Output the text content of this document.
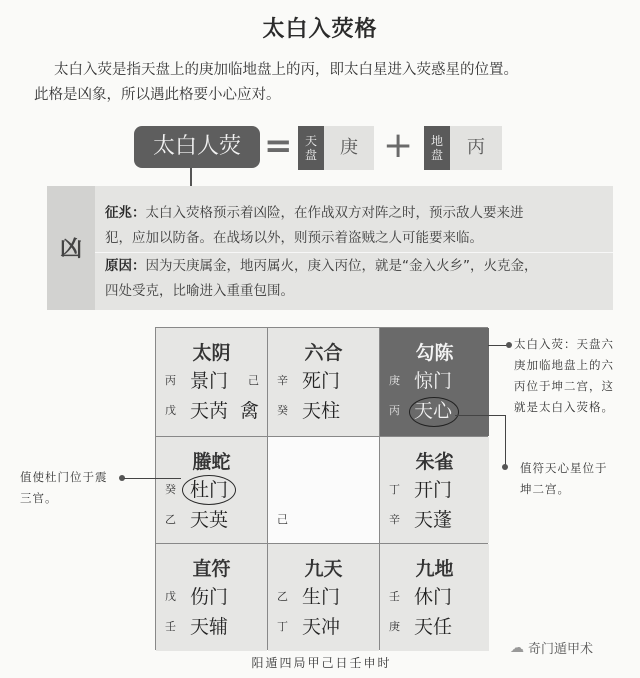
太白入荧格
太白入荧是指天盘上的庚加临地盘上的丙，即太白星进入荧惑星的位置。
此格是凶象，所以遇此格要小心应对。
太白人荧 =	天
盘	庚 +	地
盘	丙
凶
征兆：太白入荧格预示着凶险，在作战双方对阵之时，预示敌人要来进
犯，应加以防备。在战场以外，则预示着盗贼之人可能要来临。
原因：因为天庚属金，地丙属火，庚入丙位，就是“金入火乡”，火克金，
四处受克，比喻进入重重包围。
太阴
丙 景门 己
戊 天芮 禽
六合
辛 死门
癸 天柱
勾陈
庚 惊门
丙 天心
螣蛇
癸 杜门
乙 天英	己
朱雀
丁 开门
辛 天蓬
直符
戊 伤门
壬 天辅
九天
乙 生门
丁 天冲
九地
壬 休门
庚 天任
阳遁四局甲己日壬申时
太白入荧：天盘六
庚加临地盘上的六
丙位于坤二宫，这
就是太白入荧格。
值符天心星位于
坤二宫。
值使杜门位于震
三官。
☁ 奇门遁甲术
